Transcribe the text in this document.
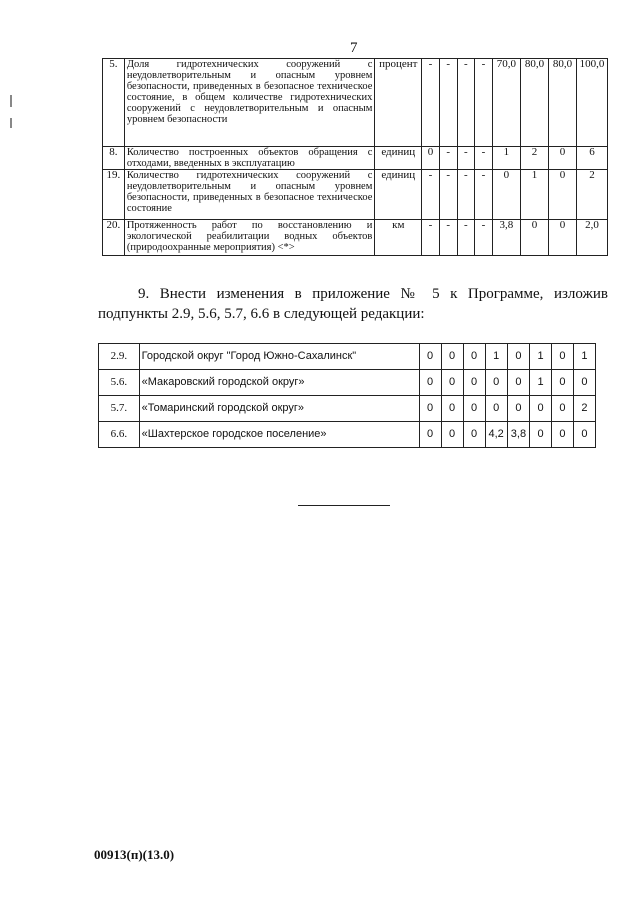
7
5.	Доля гидротехнических сооружений с неудовлетворительным и опасным уровнем безопасности, приведенных в безопасное техническое состояние, в общем количестве гидротехнических сооружений с неудовлетворительным и опасным уровнем безопасности	процент	-	-	-	-	70,0	80,0	80,0	100,0
8.	Количество построенных объектов обращения с отходами, введенных в эксплуатацию	единиц	0	-	-	-	1	2	0	6
19.	Количество гидротехнических сооружений с неудовлетворительным и опасным уровнем безопасности, приведенных в безопасное техническое состояние	единиц	-	-	-	-	0	1	0	2
20.	Протяженность работ по восстановлению и экологической реабилитации водных объектов (природоохранные мероприятия) <*>	км	-	-	-	-	3,8	0	0	2,0
9. Внести изменения в приложение № 5 к Программе, изложив подпункты 2.9, 5.6, 5.7, 6.6 в следующей редакции:
2.9.	Городской округ "Город Южно-Сахалинск"	0	0	0	1	0	1	0	1
5.6.	«Макаровский городской округ»	0	0	0	0	0	1	0	0
5.7.	«Томаринский городской округ»	0	0	0	0	0	0	0	2
6.6.	«Шахтерское городское поселение»	0	0	0	4,2	3,8	0	0	0
00913(п)(13.0)
